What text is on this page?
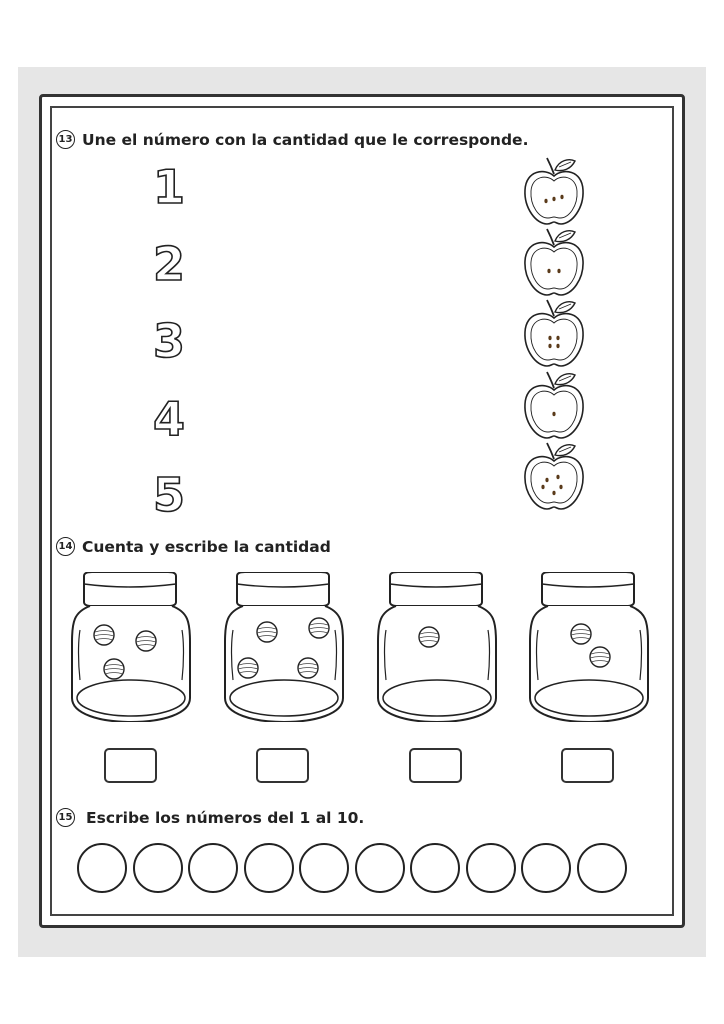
13 Une el número con la cantidad que le corresponde.
1
2
3
4
5
14 Cuenta y escribe la cantidad
15 Escribe los números del 1 al 10.
